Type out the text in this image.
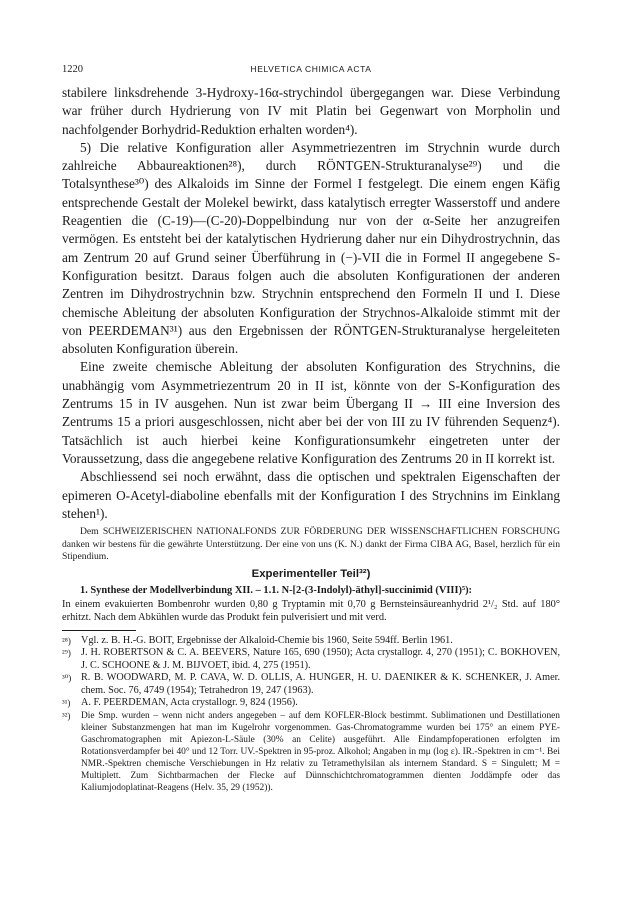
1220	HELVETICA CHIMICA ACTA

stabilere linksdrehende 3-Hydroxy-16α-strychindol übergegangen war. Diese Verbindung war früher durch Hydrierung von IV mit Platin bei Gegenwart von Morpholin und nachfolgender Borhydrid-Reduktion erhalten worden⁴).

5) Die relative Konfiguration aller Asymmetriezentren im Strychnin wurde durch zahlreiche Abbaureaktionen²⁸), durch RÖNTGEN-Strukturanalyse²⁹) und die Totalsynthese³⁰) des Alkaloids im Sinne der Formel I festgelegt. Die einem engen Käfig entsprechende Gestalt der Molekel bewirkt, dass katalytisch erregter Wasserstoff und andere Reagentien die (C-19)—(C-20)-Doppelbindung nur von der α-Seite her anzugreifen vermögen. Es entsteht bei der katalytischen Hydrierung daher nur ein Dihydrostrychnin, das am Zentrum 20 auf Grund seiner Überführung in (−)-VII die in Formel II angegebene S-Konfiguration besitzt. Daraus folgen auch die absoluten Konfigurationen der anderen Zentren im Dihydrostrychnin bzw. Strychnin entsprechend den Formeln II und I. Diese chemische Ableitung der absoluten Konfiguration der Strychnos-Alkaloide stimmt mit der von PEERDEMAN³¹) aus den Ergebnissen der RÖNTGEN-Strukturanalyse hergeleiteten absoluten Konfiguration überein.

Eine zweite chemische Ableitung der absoluten Konfiguration des Strychnins, die unabhängig vom Asymmetriezentrum 20 in II ist, könnte von der S-Konfiguration des Zentrums 15 in IV ausgehen. Nun ist zwar beim Übergang II → III eine Inversion des Zentrums 15 a priori ausgeschlossen, nicht aber bei der von III zu IV führenden Sequenz⁴). Tatsächlich ist auch hierbei keine Konfigurationsumkehr eingetreten unter der Voraussetzung, dass die angegebene relative Konfiguration des Zentrums 20 in II korrekt ist.

Abschliessend sei noch erwähnt, dass die optischen und spektralen Eigenschaften der epimeren O-Acetyl-diaboline ebenfalls mit der Konfiguration I des Strychnins im Einklang stehen¹).

Dem SCHWEIZERISCHEN NATIONALFONDS ZUR FÖRDERUNG DER WISSENSCHAFTLICHEN FORSCHUNG danken wir bestens für die gewährte Unterstützung. Der eine von uns (K. N.) dankt der Firma CIBA AG, Basel, herzlich für ein Stipendium.

Experimenteller Teil³²)

1. Synthese der Modellverbindung XII. – 1.1. N-[2-(3-Indolyl)-äthyl]-succinimid (VIII)⁵):

In einem evakuierten Bombenrohr wurden 0,80 g Tryptamin mit 0,70 g Bernsteinsäureanhydrid 2¹/₂ Std. auf 180° erhitzt. Nach dem Abkühlen wurde das Produkt fein pulverisiert und mit verd.

²⁸) Vgl. z. B. H.-G. BOIT, Ergebnisse der Alkaloid-Chemie bis 1960, Seite 594ff. Berlin 1961.
²⁹) J. H. ROBERTSON & C. A. BEEVERS, Nature 165, 690 (1950); Acta crystallogr. 4, 270 (1951); C. BOKHOVEN, J. C. SCHOONE & J. M. BIJVOET, ibid. 4, 275 (1951).
³⁰) R. B. WOODWARD, M. P. CAVA, W. D. OLLIS, A. HUNGER, H. U. DAENIKER & K. SCHENKER, J. Amer. chem. Soc. 76, 4749 (1954); Tetrahedron 19, 247 (1963).
³¹) A. F. PEERDEMAN, Acta crystallogr. 9, 824 (1956).
³²) Die Smp. wurden – wenn nicht anders angegeben – auf dem KOFLER-Block bestimmt. Sublimationen und Destillationen kleiner Substanzmengen hat man im Kugelrohr vorgenommen. Gas-Chromatogramme wurden bei 175° an einem PYE-Gaschromatographen mit Apiezon-L-Säule (30% an Celite) ausgeführt. Alle Eindampfoperationen erfolgten im Rotationsverdampfer bei 40° und 12 Torr. UV.-Spektren in 95-proz. Alkohol; Angaben in mμ (log ε). IR.-Spektren in cm⁻¹. Bei NMR.-Spektren chemische Verschiebungen in Hz relativ zu Tetramethylsilan als internem Standard. S = Singulett; M = Multiplett. Zum Sichtbarmachen der Flecke auf Dünnschichtchromatogrammen dienten Joddämpfe oder das Kaliumjodoplatinat-Reagens (Helv. 35, 29 (1952)).
